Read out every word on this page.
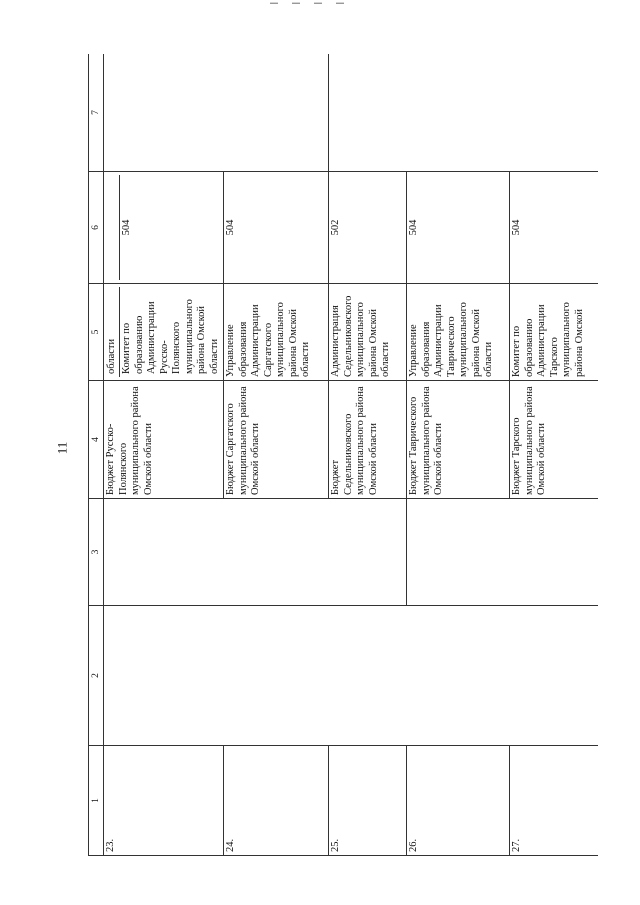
11
1	2	3	4	5	6	7
23.			Бюджет Русско-Полянского муниципального района Омской области	области Комитет по образованию Администрации Русско-Полянского муниципального района Омской области	504	

24.			Бюджет Саргатского муниципального района Омской области	Управление образования Администрации Саргатского муниципального района Омской области	504	
25.			Бюджет Седельниковского муниципального района Омской области	Администрация Седельниковского муниципального района Омской области	502	
26.			Бюджет Таврического муниципального района Омской области	Управление образования Администрации Таврического муниципального района Омской области	504	
27.			Бюджет Тарского муниципального района Омской области	Комитет по образованию Администрации Тарского муниципального района Омской	504	
